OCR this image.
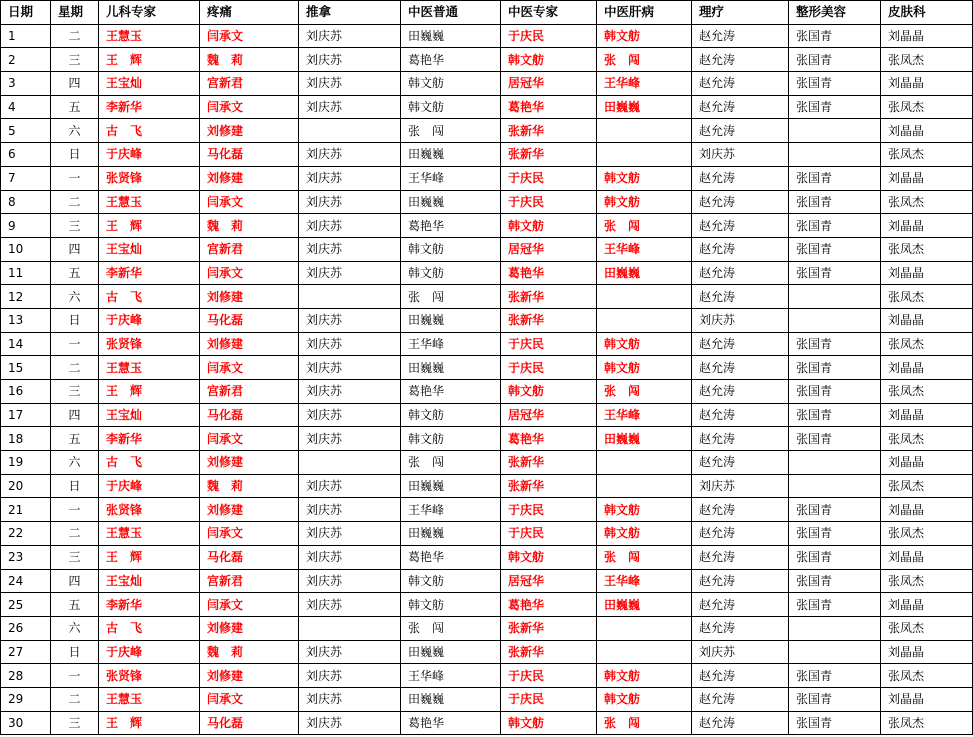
日期	星期	儿科专家	疼痛	推拿	中医普通	中医专家	中医肝病	理疗	整形美容	皮肤科
1	二	王慧玉	闫承文	刘庆苏	田巍巍	于庆民	韩文舫	赵允涛	张国青	刘晶晶
2	三	王　辉	魏　莉	刘庆苏	葛艳华	韩文舫	张　闯	赵允涛	张国青	张凤杰
3	四	王宝灿	宫新君	刘庆苏	韩文舫	居冠华	王华峰	赵允涛	张国青	刘晶晶
4	五	李新华	闫承文	刘庆苏	韩文舫	葛艳华	田巍巍	赵允涛	张国青	张凤杰
5	六	古　飞	刘修建		张　闯	张新华		赵允涛		刘晶晶
6	日	于庆峰	马化磊	刘庆苏	田巍巍	张新华		刘庆苏		张凤杰
7	一	张贤锋	刘修建	刘庆苏	王华峰	于庆民	韩文舫	赵允涛	张国青	刘晶晶
8	二	王慧玉	闫承文	刘庆苏	田巍巍	于庆民	韩文舫	赵允涛	张国青	张凤杰
9	三	王　辉	魏　莉	刘庆苏	葛艳华	韩文舫	张　闯	赵允涛	张国青	刘晶晶
10	四	王宝灿	宫新君	刘庆苏	韩文舫	居冠华	王华峰	赵允涛	张国青	张凤杰
11	五	李新华	闫承文	刘庆苏	韩文舫	葛艳华	田巍巍	赵允涛	张国青	刘晶晶
12	六	古　飞	刘修建		张　闯	张新华		赵允涛		张凤杰
13	日	于庆峰	马化磊	刘庆苏	田巍巍	张新华		刘庆苏		刘晶晶
14	一	张贤锋	刘修建	刘庆苏	王华峰	于庆民	韩文舫	赵允涛	张国青	张凤杰
15	二	王慧玉	闫承文	刘庆苏	田巍巍	于庆民	韩文舫	赵允涛	张国青	刘晶晶
16	三	王　辉	宫新君	刘庆苏	葛艳华	韩文舫	张　闯	赵允涛	张国青	张凤杰
17	四	王宝灿	马化磊	刘庆苏	韩文舫	居冠华	王华峰	赵允涛	张国青	刘晶晶
18	五	李新华	闫承文	刘庆苏	韩文舫	葛艳华	田巍巍	赵允涛	张国青	张凤杰
19	六	古　飞	刘修建		张　闯	张新华		赵允涛		刘晶晶
20	日	于庆峰	魏　莉	刘庆苏	田巍巍	张新华		刘庆苏		张凤杰
21	一	张贤锋	刘修建	刘庆苏	王华峰	于庆民	韩文舫	赵允涛	张国青	刘晶晶
22	二	王慧玉	闫承文	刘庆苏	田巍巍	于庆民	韩文舫	赵允涛	张国青	张凤杰
23	三	王　辉	马化磊	刘庆苏	葛艳华	韩文舫	张　闯	赵允涛	张国青	刘晶晶
24	四	王宝灿	宫新君	刘庆苏	韩文舫	居冠华	王华峰	赵允涛	张国青	张凤杰
25	五	李新华	闫承文	刘庆苏	韩文舫	葛艳华	田巍巍	赵允涛	张国青	刘晶晶
26	六	古　飞	刘修建		张　闯	张新华		赵允涛		张凤杰
27	日	于庆峰	魏　莉	刘庆苏	田巍巍	张新华		刘庆苏		刘晶晶
28	一	张贤锋	刘修建	刘庆苏	王华峰	于庆民	韩文舫	赵允涛	张国青	张凤杰
29	二	王慧玉	闫承文	刘庆苏	田巍巍	于庆民	韩文舫	赵允涛	张国青	刘晶晶
30	三	王　辉	马化磊	刘庆苏	葛艳华	韩文舫	张　闯	赵允涛	张国青	张凤杰
